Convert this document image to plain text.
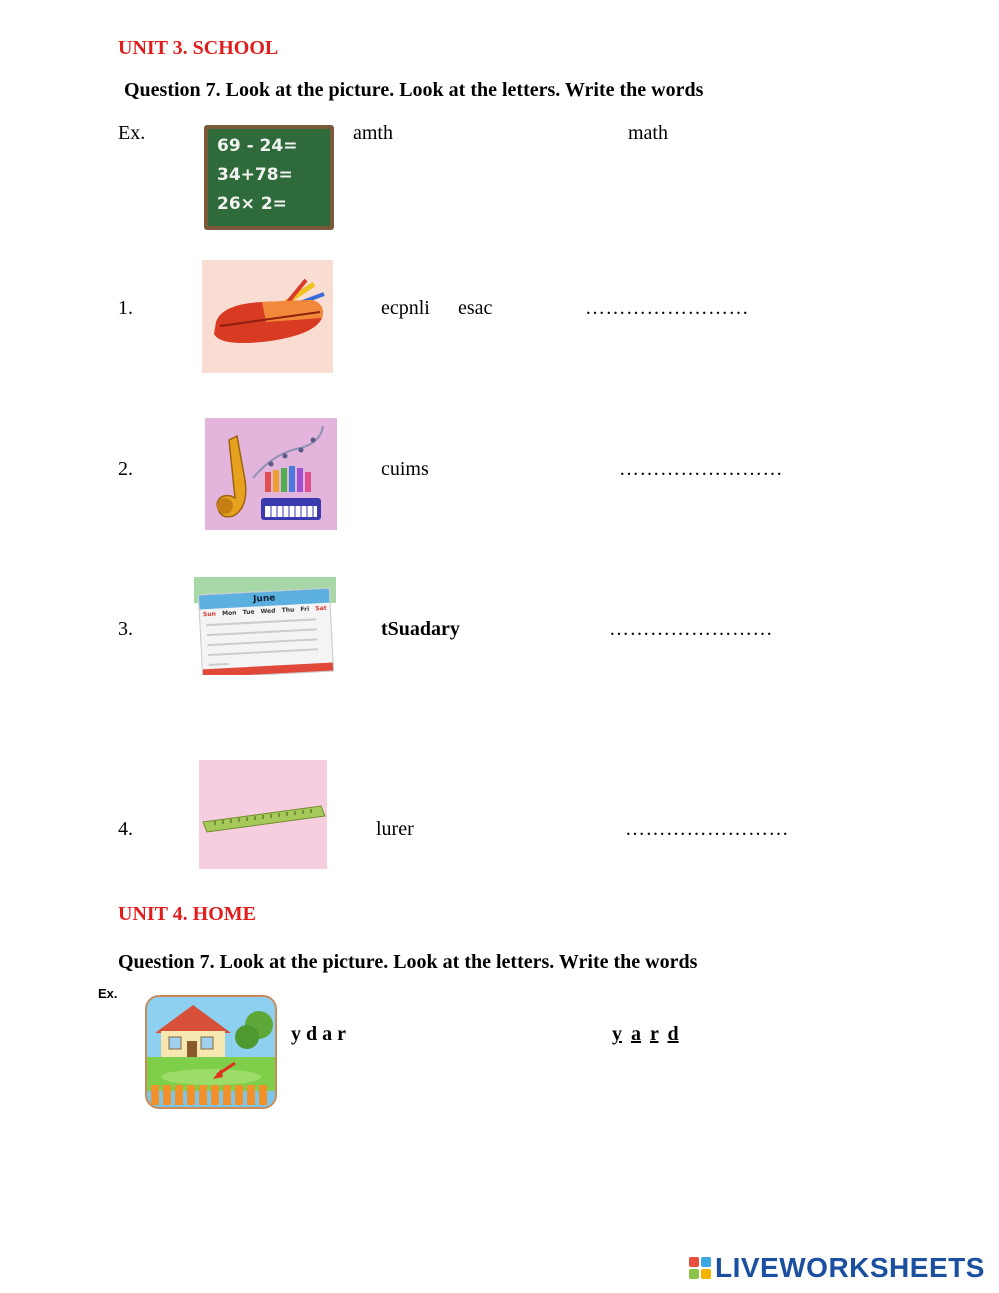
UNIT 3. SCHOOL
Question 7. Look at the picture. Look at the letters. Write the words
Ex.
69 - 24=
34+78=
26× 2=
amth	math
1.	ecpnli esac	……………………
2.	cuims	……………………
3.
June
Sun Mon Tue Wed Thu Fri Sat
tSuadary	……………………
4.	lurer	……………………
UNIT 4. HOME
Question 7. Look at the picture. Look at the letters. Write the words
Ex.
y d a r	y a r d
LIVEWORKSHEETS
